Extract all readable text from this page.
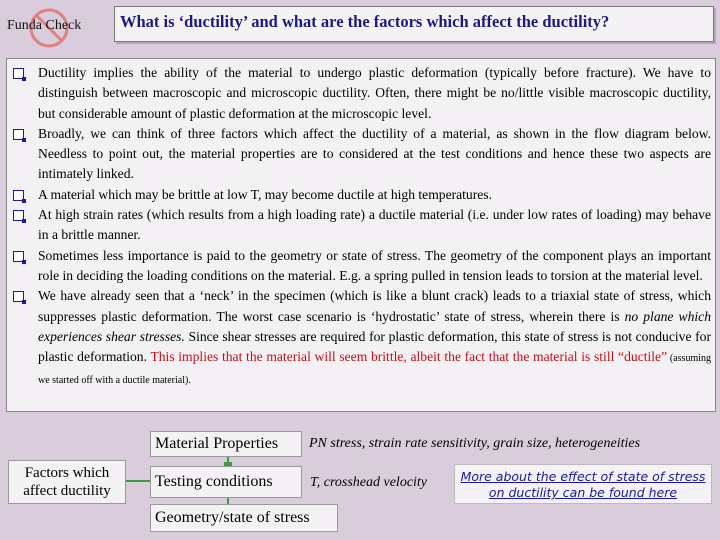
Funda Check What is ‘ductility’ and what are the factors which affect the ductility?
Ductility implies the ability of the material to undergo plastic deformation (typically before fracture). We have to distinguish between macroscopic and microscopic ductility. Often, there might be no/little visible macroscopic ductility, but considerable amount of plastic deformation at the microscopic level.
Broadly, we can think of three factors which affect the ductility of a material, as shown in the flow diagram below. Needless to point out, the material properties are to considered at the test conditions and hence these two aspects are intimately linked.
A material which may be brittle at low T, may become ductile at high temperatures.
At high strain rates (which results from a high loading rate) a ductile material (i.e. under low rates of loading) may behave in a brittle manner.
Sometimes less importance is paid to the geometry or state of stress. The geometry of the component plays an important role in deciding the loading conditions on the material. E.g. a spring pulled in tension leads to torsion at the material level.
We have already seen that a ‘neck’ in the specimen (which is like a blunt crack) leads to a triaxial state of stress, which suppresses plastic deformation. The worst case scenario is ‘hydrostatic’ state of stress, wherein there is no plane which experiences shear stresses. Since shear stresses are required for plastic deformation, this state of stress is not conducive for plastic deformation. This implies that the material will seem brittle, albeit the fact that the material is still “ductile” (assuming we started off with a ductile material).
Factors which affect ductility
Material Properties PN stress, strain rate sensitivity, grain size, heterogeneities
Testing conditions	T, crosshead velocity
Geometry/state of stress
More about the effect of state of stress on ductility can be found here
